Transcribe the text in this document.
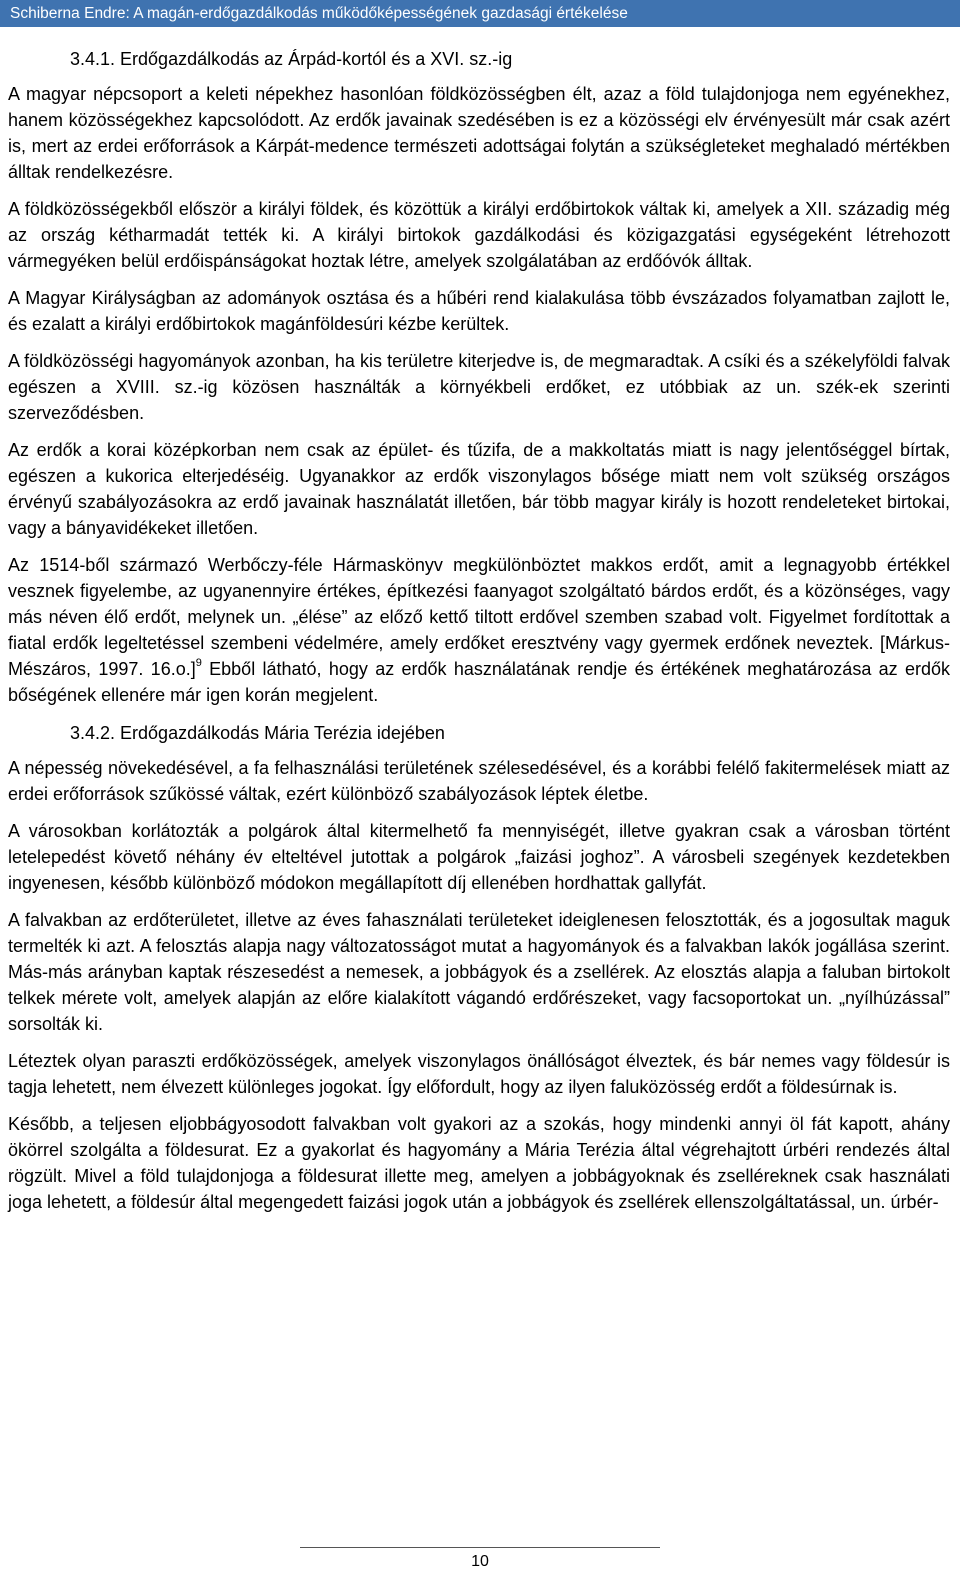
Schiberna Endre: A magán-erdőgazdálkodás működőképességének gazdasági értékelése
3.4.1. Erdőgazdálkodás az Árpád-kortól és a XVI. sz.-ig

A magyar népcsoport a keleti népekhez hasonlóan földközösségben élt, azaz a föld tulajdonjoga nem egyénekhez, hanem közösségekhez kapcsolódott. Az erdők javainak szedésében is ez a közösségi elv érvényesült már csak azért is, mert az erdei erőforrások a Kárpát-medence természeti adottságai folytán a szükségleteket meghaladó mértékben álltak rendelkezésre.

A földközösségekből először a királyi földek, és közöttük a királyi erdőbirtokok váltak ki, amelyek a XII. századig még az ország kétharmadát tették ki. A királyi birtokok gazdálkodási és közigazgatási egységeként létrehozott vármegyéken belül erdőispánságokat hoztak létre, amelyek szolgálatában az erdőóvók álltak.

A Magyar Királyságban az adományok osztása és a hűbéri rend kialakulása több évszázados folyamatban zajlott le, és ezalatt a királyi erdőbirtokok magánföldesúri kézbe kerültek.

A földközösségi hagyományok azonban, ha kis területre kiterjedve is, de megmaradtak. A csíki és a székelyföldi falvak egészen a XVIII. sz.-ig közösen használták a környékbeli erdőket, ez utóbbiak az un. szék-ek szerinti szerveződésben.

Az erdők a korai középkorban nem csak az épület- és tűzifa, de a makkoltatás miatt is nagy jelentőséggel bírtak, egészen a kukorica elterjedéséig. Ugyanakkor az erdők viszonylagos bősége miatt nem volt szükség országos érvényű szabályozásokra az erdő javainak használatát illetően, bár több magyar király is hozott rendeleteket birtokai, vagy a bányavidékeket illetően.

Az 1514-ből származó Werbőczy-féle Hármaskönyv megkülönböztet makkos erdőt, amit a legnagyobb értékkel vesznek figyelembe, az ugyanennyire értékes, építkezési faanyagot szolgáltató bárdos erdőt, és a közönséges, vagy más néven élő erdőt, melynek un. „élése” az előző kettő tiltott erdővel szemben szabad volt. Figyelmet fordítottak a fiatal erdők legeltetéssel szembeni védelmére, amely erdőket eresztvény vagy gyermek erdőnek neveztek. [Márkus-Mészáros, 1997. 16.o.]$^9$ Ebből látható, hogy az erdők használatának rendje és értékének meghatározása az erdők bőségének ellenére már igen korán megjelent.

3.4.2. Erdőgazdálkodás Mária Terézia idejében

A népesség növekedésével, a fa felhasználási területének szélesedésével, és a korábbi felélő fakitermelések miatt az erdei erőforrások szűkössé váltak, ezért különböző szabályozások léptek életbe.

A városokban korlátozták a polgárok által kitermelhető fa mennyiségét, illetve gyakran csak a városban történt letelepedést követő néhány év elteltével jutottak a polgárok „faizási joghoz”. A városbeli szegények kezdetekben ingyenesen, később különböző módokon megállapított díj ellenében hordhattak gallyfát.

A falvakban az erdőterületet, illetve az éves fahasználati területeket ideiglenesen felosztották, és a jogosultak maguk termelték ki azt. A felosztás alapja nagy változatosságot mutat a hagyományok és a falvakban lakók jogállása szerint. Más-más arányban kaptak részesedést a nemesek, a jobbágyok és a zsellérek. Az elosztás alapja a faluban birtokolt telkek mérete volt, amelyek alapján az előre kialakított vágandó erdőrészeket, vagy facsoportokat un. „nyílhúzással” sorsolták ki.

Léteztek olyan paraszti erdőközösségek, amelyek viszonylagos önállóságot élveztek, és bár nemes vagy földesúr is tagja lehetett, nem élvezett különleges jogokat. Így előfordult, hogy az ilyen faluközösség erdőt a földesúrnak is.

Később, a teljesen eljobbágyosodott falvakban volt gyakori az a szokás, hogy mindenki annyi öl fát kapott, ahány ökörrel szolgálta a földesurat. Ez a gyakorlat és hagyomány a Mária Terézia által végrehajtott úrbéri rendezés által rögzült. Mivel a föld tulajdonjoga a földesurat illette meg, amelyen a jobbágyoknak és zselléreknek csak használati joga lehetett, a földesúr által megengedett faizási jogok után a jobbágyok és zsellérek ellenszolgáltatással, un. úrbér-

10
